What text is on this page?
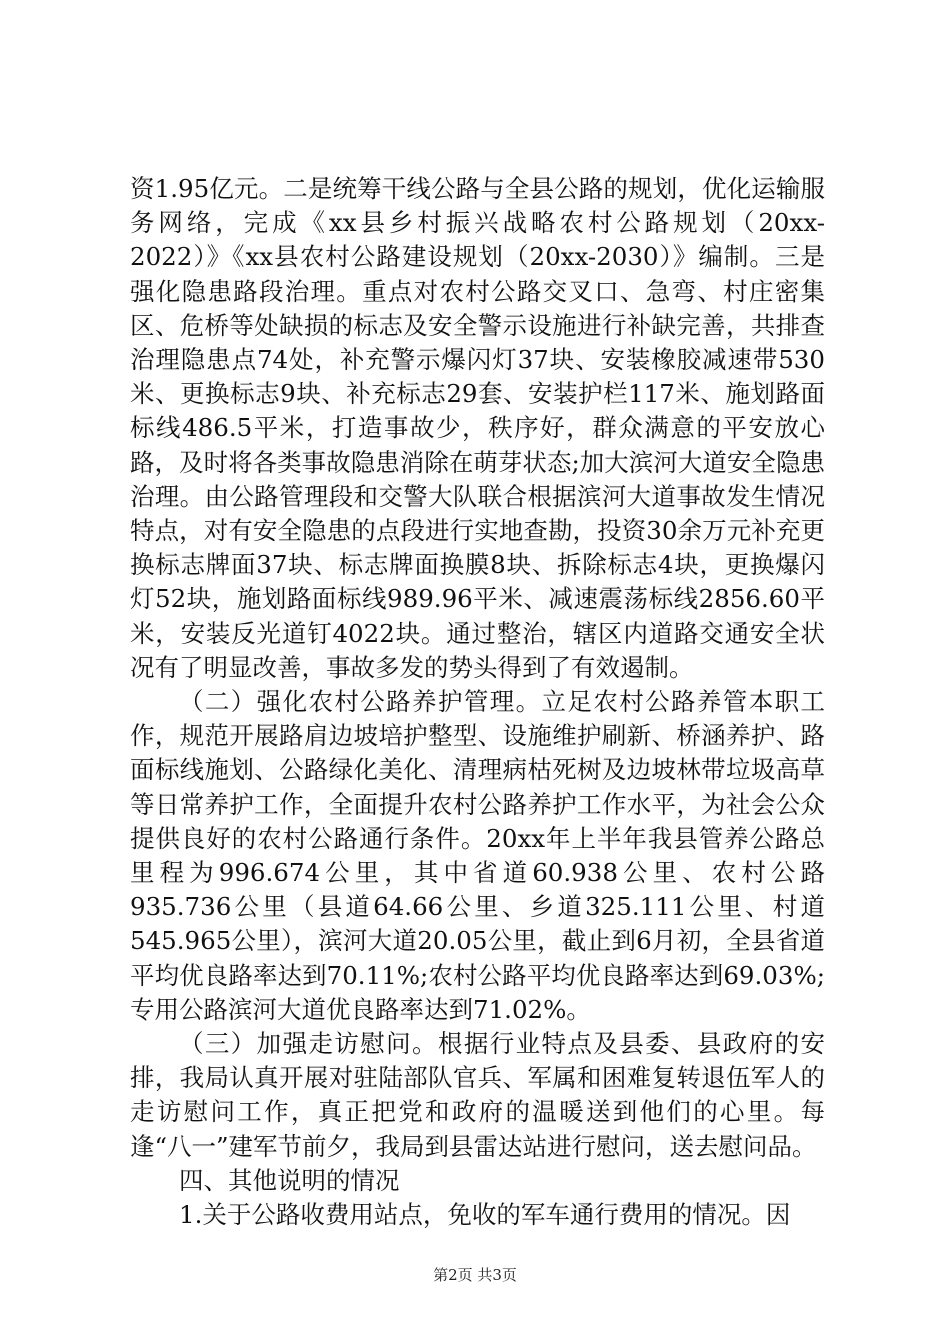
资1.95亿元。二是统筹干线公路与全县公路的规划，优化运输服务网络，完成《xx县乡村振兴战略农村公路规划（20xx-2022）》《xx县农村公路建设规划（20xx-2030）》编制。三是强化隐患路段治理。重点对农村公路交叉口、急弯、村庄密集区、危桥等处缺损的标志及安全警示设施进行补缺完善，共排查治理隐患点74处，补充警示爆闪灯37块、安装橡胶减速带530米、更换标志9块、补充标志29套、安装护栏117米、施划路面标线486.5平米，打造事故少，秩序好，群众满意的平安放心路，及时将各类事故隐患消除在萌芽状态;加大滨河大道安全隐患治理。由公路管理段和交警大队联合根据滨河大道事故发生情况特点，对有安全隐患的点段进行实地查勘，投资30余万元补充更换标志牌面37块、标志牌面换膜8块、拆除标志4块，更换爆闪灯52块，施划路面标线989.96平米、减速震荡标线2856.60平米，安装反光道钉4022块。通过整治，辖区内道路交通安全状况有了明显改善，事故多发的势头得到了有效遏制。

（二）强化农村公路养护管理。立足农村公路养管本职工作，规范开展路肩边坡培护整型、设施维护刷新、桥涵养护、路面标线施划、公路绿化美化、清理病枯死树及边坡林带垃圾高草等日常养护工作，全面提升农村公路养护工作水平，为社会公众提供良好的农村公路通行条件。20xx年上半年我县管养公路总里程为996.674公里，其中省道60.938公里、农村公路935.736公里（县道64.66公里、乡道325.111公里、村道545.965公里），滨河大道20.05公里，截止到6月初，全县省道平均优良路率达到70.11%;农村公路平均优良路率达到69.03%;专用公路滨河大道优良路率达到71.02%。

（三）加强走访慰问。根据行业特点及县委、县政府的安排，我局认真开展对驻陆部队官兵、军属和困难复转退伍军人的走访慰问工作，真正把党和政府的温暖送到他们的心里。每逢“八一”建军节前夕，我局到县雷达站进行慰问，送去慰问品。

四、其他说明的情况

1.关于公路收费用站点，免收的军车通行费用的情况。因

第2页 共3页
